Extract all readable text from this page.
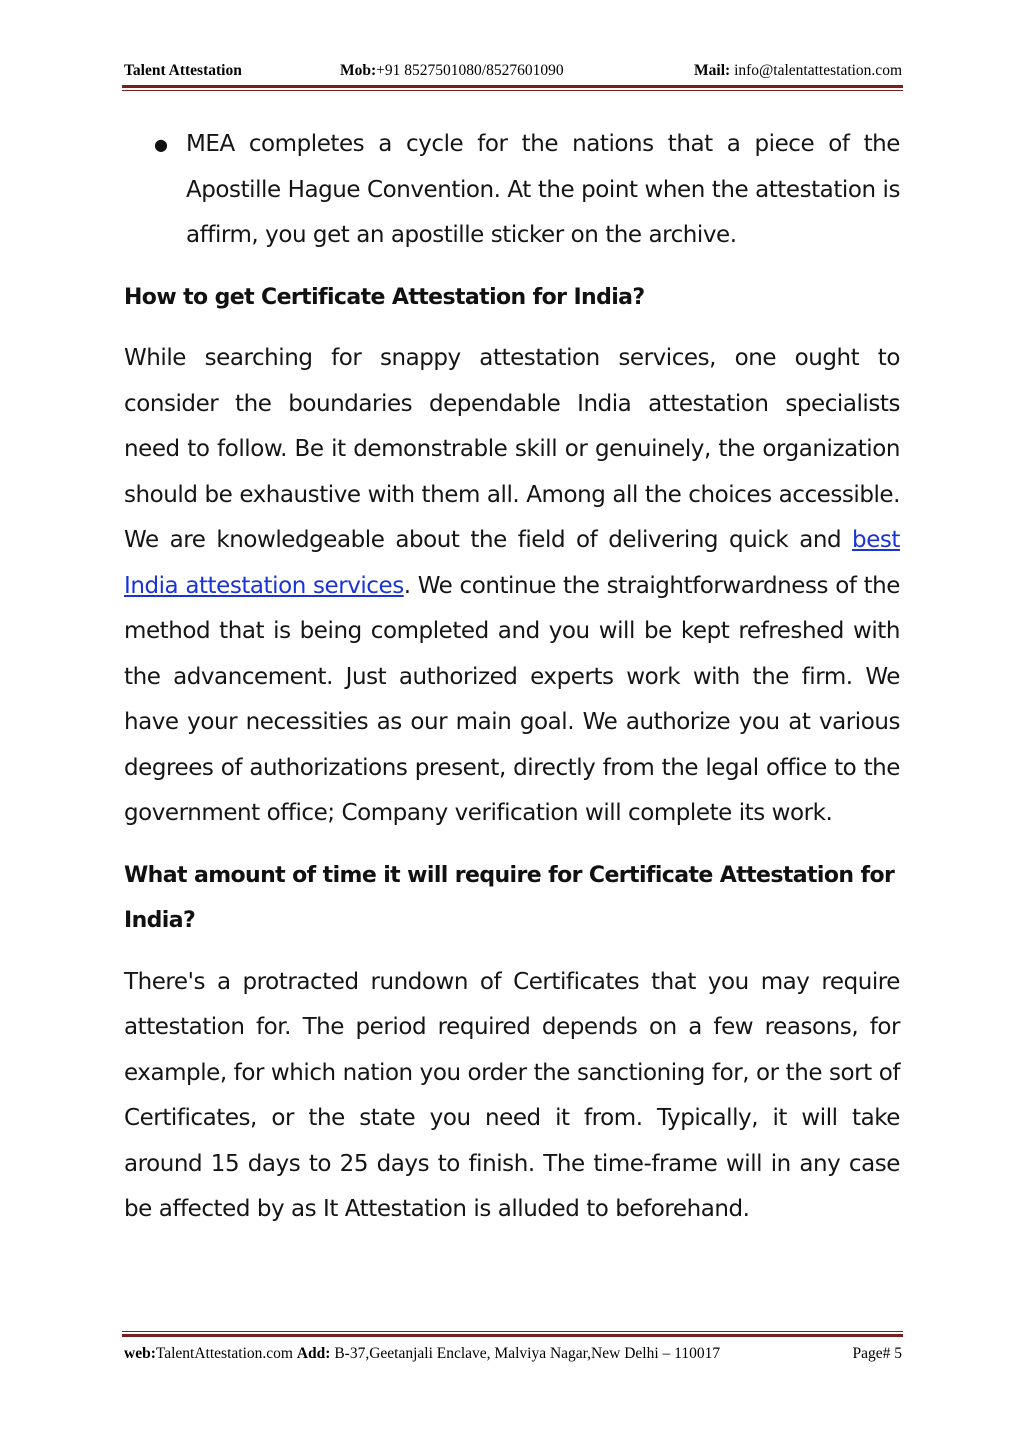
Talent Attestation	Mob:+91 8527501080/8527601090	Mail: info@talentattestation.com
● MEA completes a cycle for the nations that a piece of the Apostille Hague Convention. At the point when the attestation is affirm, you get an apostille sticker on the archive.

How to get Certificate Attestation for India?

While searching for snappy attestation services, one ought to consider the boundaries dependable India attestation specialists need to follow. Be it demonstrable skill or genuinely, the organization should be exhaustive with them all. Among all the choices accessible. We are knowledgeable about the field of delivering quick and best India attestation services. We continue the straightforwardness of the method that is being completed and you will be kept refreshed with the advancement. Just authorized experts work with the firm. We have your necessities as our main goal. We authorize you at various degrees of authorizations present, directly from the legal office to the government office; Company verification will complete its work.

What amount of time it will require for Certificate Attestation for India?

There's a protracted rundown of Certificates that you may require attestation for. The period required depends on a few reasons, for example, for which nation you order the sanctioning for, or the sort of Certificates, or the state you need it from. Typically, it will take around 15 days to 25 days to finish. The time-frame will in any case be affected by as It Attestation is alluded to beforehand.

web:TalentAttestation.com Add: B-37,Geetanjali Enclave, Malviya Nagar,New Delhi – 110017	Page# 5
